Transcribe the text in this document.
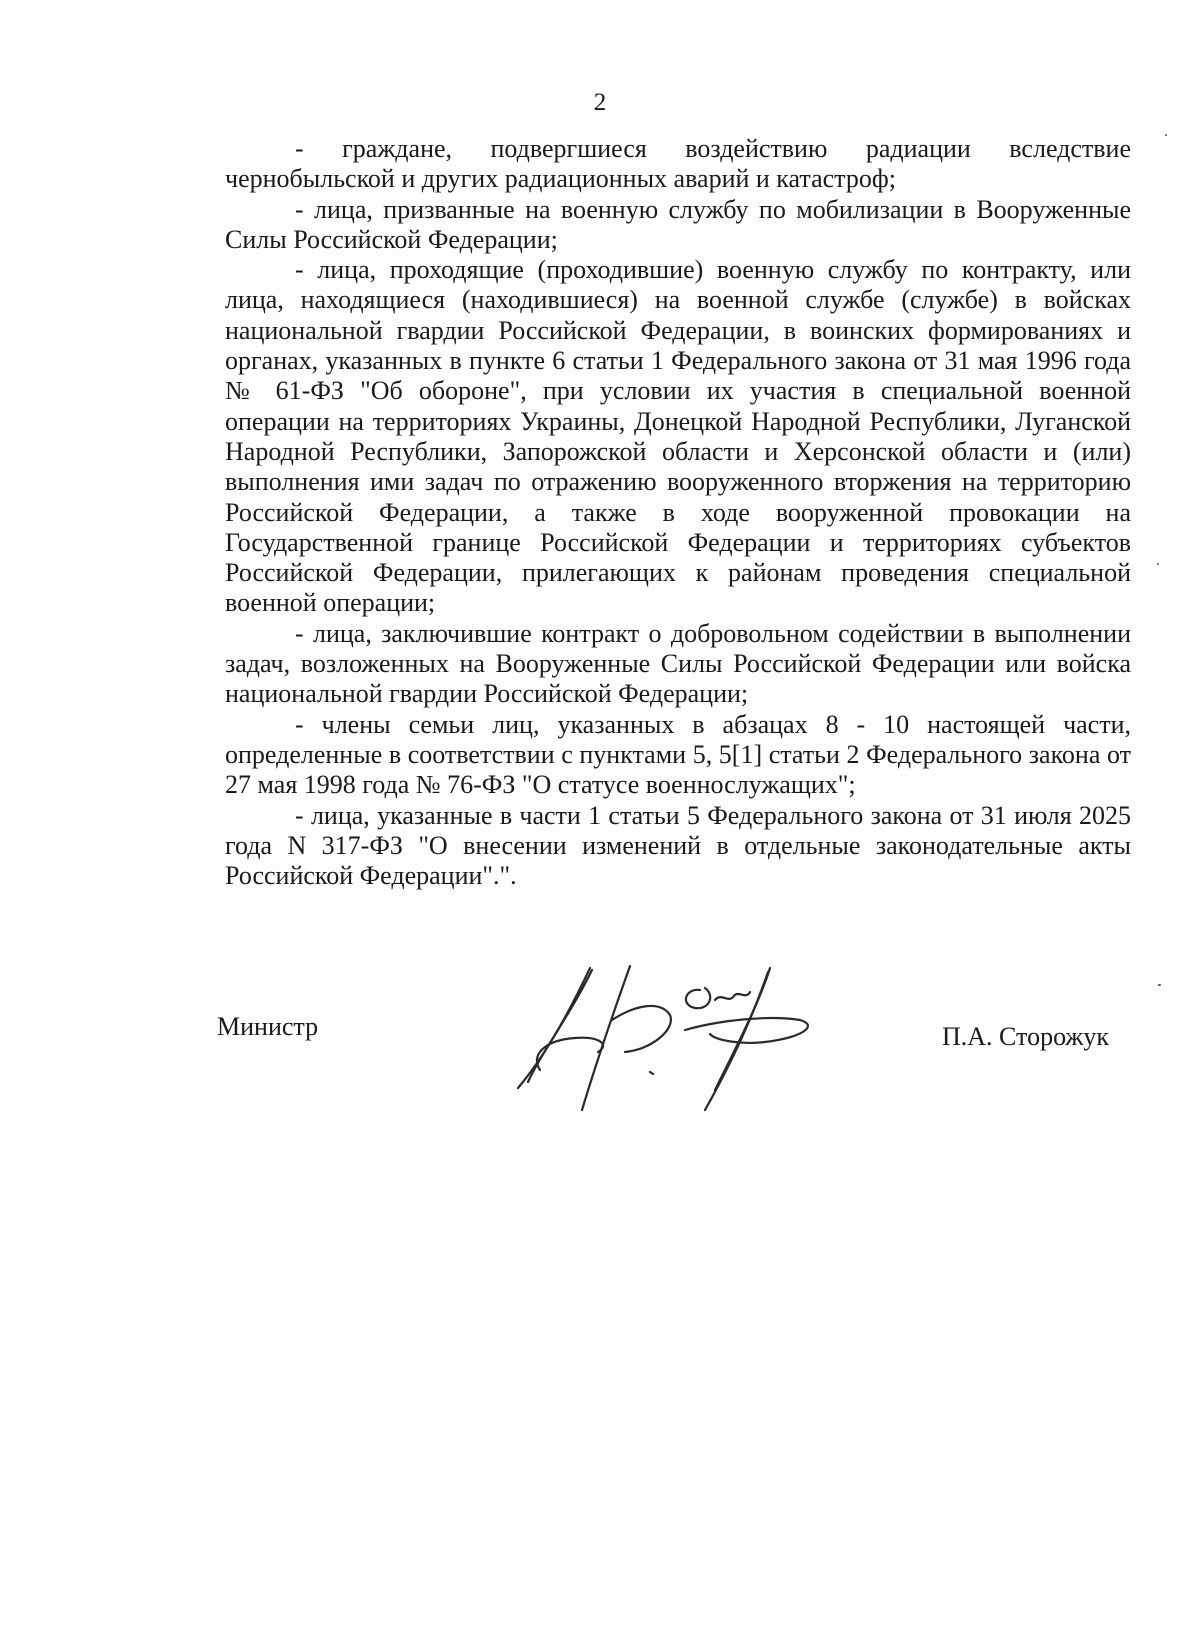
2

- граждане, подвергшиеся воздействию радиации вследствие чернобыльской и других радиационных аварий и катастроф;

- лица, призванные на военную службу по мобилизации в Вооруженные Силы Российской Федерации;

- лица, проходящие (проходившие) военную службу по контракту, или лица, находящиеся (находившиеся) на военной службе (службе) в войсках национальной гвардии Российской Федерации, в воинских формированиях и органах, указанных в пункте 6 статьи 1 Федерального закона от 31 мая 1996 года № 61-ФЗ "Об обороне", при условии их участия в специальной военной операции на территориях Украины, Донецкой Народной Республики, Луганской Народной Республики, Запорожской области и Херсонской области и (или) выполнения ими задач по отражению вооруженного вторжения на территорию Российской Федерации, а также в ходе вооруженной провокации на Государственной границе Российской Федерации и территориях субъектов Российской Федерации, прилегающих к районам проведения специальной военной операции;

- лица, заключившие контракт о добровольном содействии в выполнении задач, возложенных на Вооруженные Силы Российской Федерации или войска национальной гвардии Российской Федерации;

- члены семьи лиц, указанных в абзацах 8 - 10 настоящей части, определенные в соответствии с пунктами 5, 5[1] статьи 2 Федерального закона от 27 мая 1998 года № 76-ФЗ "О статусе военнослужащих";

- лица, указанные в части 1 статьи 5 Федерального закона от 31 июля 2025 года N 317-ФЗ "О внесении изменений в отдельные законодательные акты Российской Федерации".".

Министр	П.А. Сторожук
